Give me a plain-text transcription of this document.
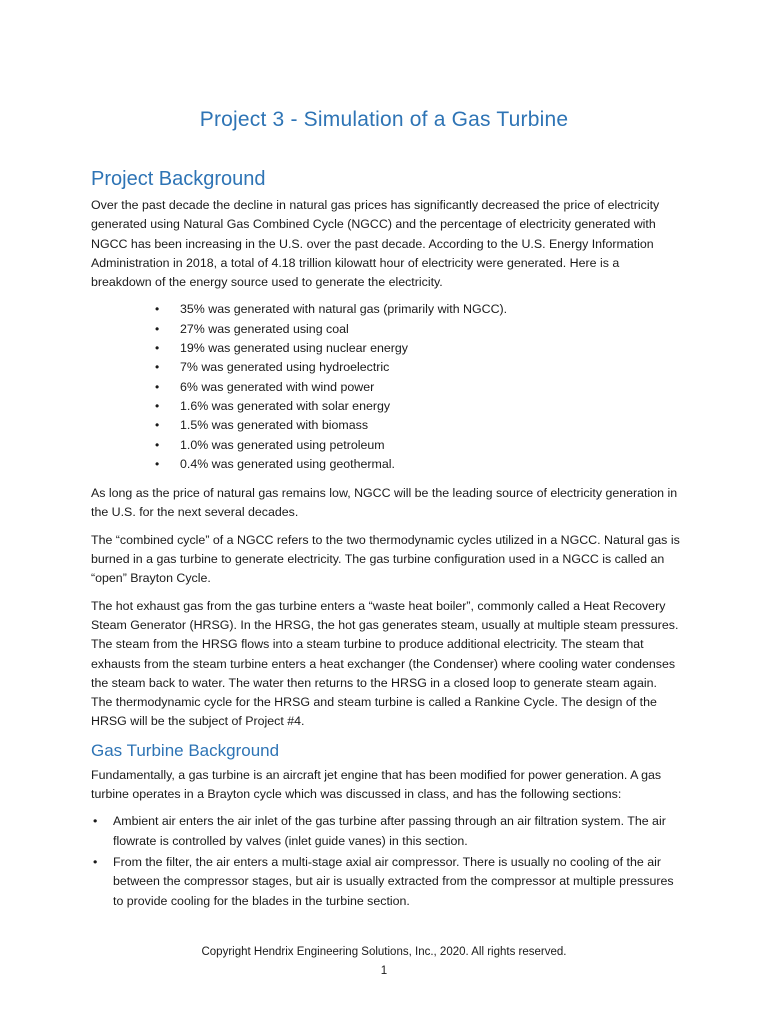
Project 3 - Simulation of a Gas Turbine
Project Background

Over the past decade the decline in natural gas prices has significantly decreased the price of electricity generated using Natural Gas Combined Cycle (NGCC) and the percentage of electricity generated with NGCC has been increasing in the U.S. over the past decade. According to the U.S. Energy Information Administration in 2018, a total of 4.18 trillion kilowatt hour of electricity were generated. Here is a breakdown of the energy source used to generate the electricity.

• 35% was generated with natural gas (primarily with NGCC).
• 27% was generated using coal
• 19% was generated using nuclear energy
• 7% was generated using hydroelectric
• 6% was generated with wind power
• 1.6% was generated with solar energy
• 1.5% was generated with biomass
• 1.0% was generated using petroleum
• 0.4% was generated using geothermal.

As long as the price of natural gas remains low, NGCC will be the leading source of electricity generation in the U.S. for the next several decades.

The “combined cycle” of a NGCC refers to the two thermodynamic cycles utilized in a NGCC. Natural gas is burned in a gas turbine to generate electricity. The gas turbine configuration used in a NGCC is called an “open” Brayton Cycle.

The hot exhaust gas from the gas turbine enters a “waste heat boiler”, commonly called a Heat Recovery Steam Generator (HRSG). In the HRSG, the hot gas generates steam, usually at multiple steam pressures. The steam from the HRSG flows into a steam turbine to produce additional electricity. The steam that exhausts from the steam turbine enters a heat exchanger (the Condenser) where cooling water condenses the steam back to water. The water then returns to the HRSG in a closed loop to generate steam again. The thermodynamic cycle for the HRSG and steam turbine is called a Rankine Cycle. The design of the HRSG will be the subject of Project #4.

Gas Turbine Background

Fundamentally, a gas turbine is an aircraft jet engine that has been modified for power generation. A gas turbine operates in a Brayton cycle which was discussed in class, and has the following sections:

• Ambient air enters the air inlet of the gas turbine after passing through an air filtration system. The air flowrate is controlled by valves (inlet guide vanes) in this section.
• From the filter, the air enters a multi-stage axial air compressor. There is usually no cooling of the air between the compressor stages, but air is usually extracted from the compressor at multiple pressures to provide cooling for the blades in the turbine section.
Copyright Hendrix Engineering Solutions, Inc., 2020. All rights reserved.
1
